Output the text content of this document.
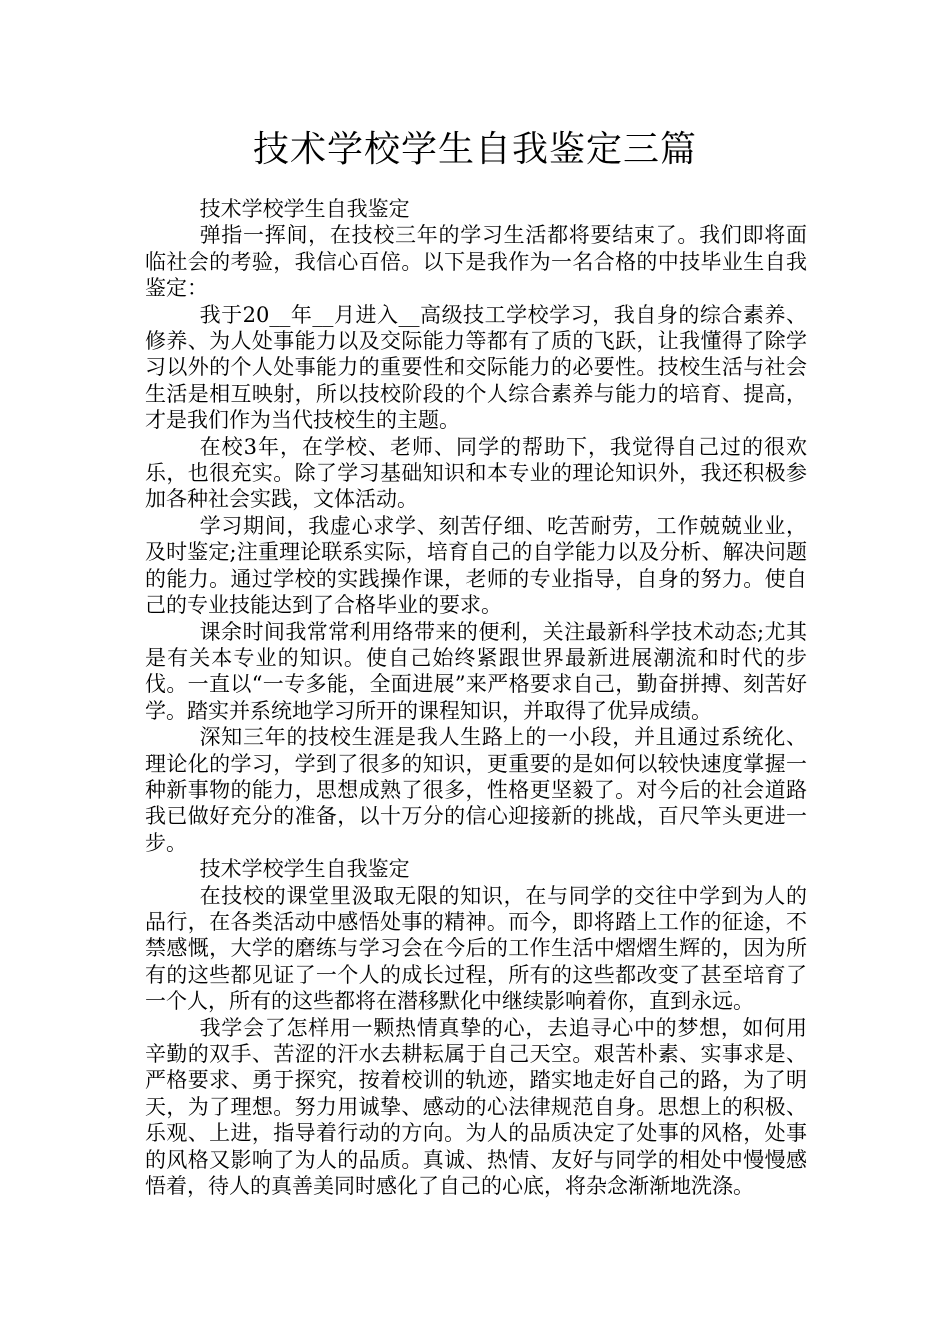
技术学校学生自我鉴定三篇

技术学校学生自我鉴定

弹指一挥间，在技校三年的学习生活都将要结束了。我们即将面临社会的考验，我信心百倍。以下是我作为一名合格的中技毕业生自我鉴定：

我于20__年__月进入__高级技工学校学习，我自身的综合素养、修养、为人处事能力以及交际能力等都有了质的飞跃，让我懂得了除学习以外的个人处事能力的重要性和交际能力的必要性。技校生活与社会生活是相互映射，所以技校阶段的个人综合素养与能力的培育、提高，才是我们作为当代技校生的主题。

在校3年，在学校、老师、同学的帮助下，我觉得自己过的很欢乐，也很充实。除了学习基础知识和本专业的理论知识外，我还积极参加各种社会实践，文体活动。

学习期间，我虚心求学、刻苦仔细、吃苦耐劳，工作兢兢业业，及时鉴定;注重理论联系实际，培育自己的自学能力以及分析、解决问题的能力。通过学校的实践操作课，老师的专业指导，自身的努力。使自己的专业技能达到了合格毕业的要求。

课余时间我常常利用络带来的便利，关注最新科学技术动态;尤其是有关本专业的知识。使自己始终紧跟世界最新进展潮流和时代的步伐。一直以“一专多能，全面进展”来严格要求自己，勤奋拼搏、刻苦好学。踏实并系统地学习所开的课程知识，并取得了优异成绩。

深知三年的技校生涯是我人生路上的一小段，并且通过系统化、理论化的学习，学到了很多的知识，更重要的是如何以较快速度掌握一种新事物的能力，思想成熟了很多，性格更坚毅了。对今后的社会道路我已做好充分的准备，以十万分的信心迎接新的挑战，百尺竿头更进一步。

技术学校学生自我鉴定

在技校的课堂里汲取无限的知识，在与同学的交往中学到为人的品行，在各类活动中感悟处事的精神。而今，即将踏上工作的征途，不禁感慨，大学的磨练与学习会在今后的工作生活中熠熠生辉的，因为所有的这些都见证了一个人的成长过程，所有的这些都改变了甚至培育了一个人，所有的这些都将在潜移默化中继续影响着你，直到永远。

我学会了怎样用一颗热情真挚的心，去追寻心中的梦想，如何用辛勤的双手、苦涩的汗水去耕耘属于自己天空。艰苦朴素、实事求是、严格要求、勇于探究，按着校训的轨迹，踏实地走好自己的路，为了明天，为了理想。努力用诚挚、感动的心法律规范自身。思想上的积极、乐观、上进，指导着行动的方向。为人的品质决定了处事的风格，处事的风格又影响了为人的品质。真诚、热情、友好与同学的相处中慢慢感悟着，待人的真善美同时感化了自己的心底，将杂念渐渐地洗涤。
